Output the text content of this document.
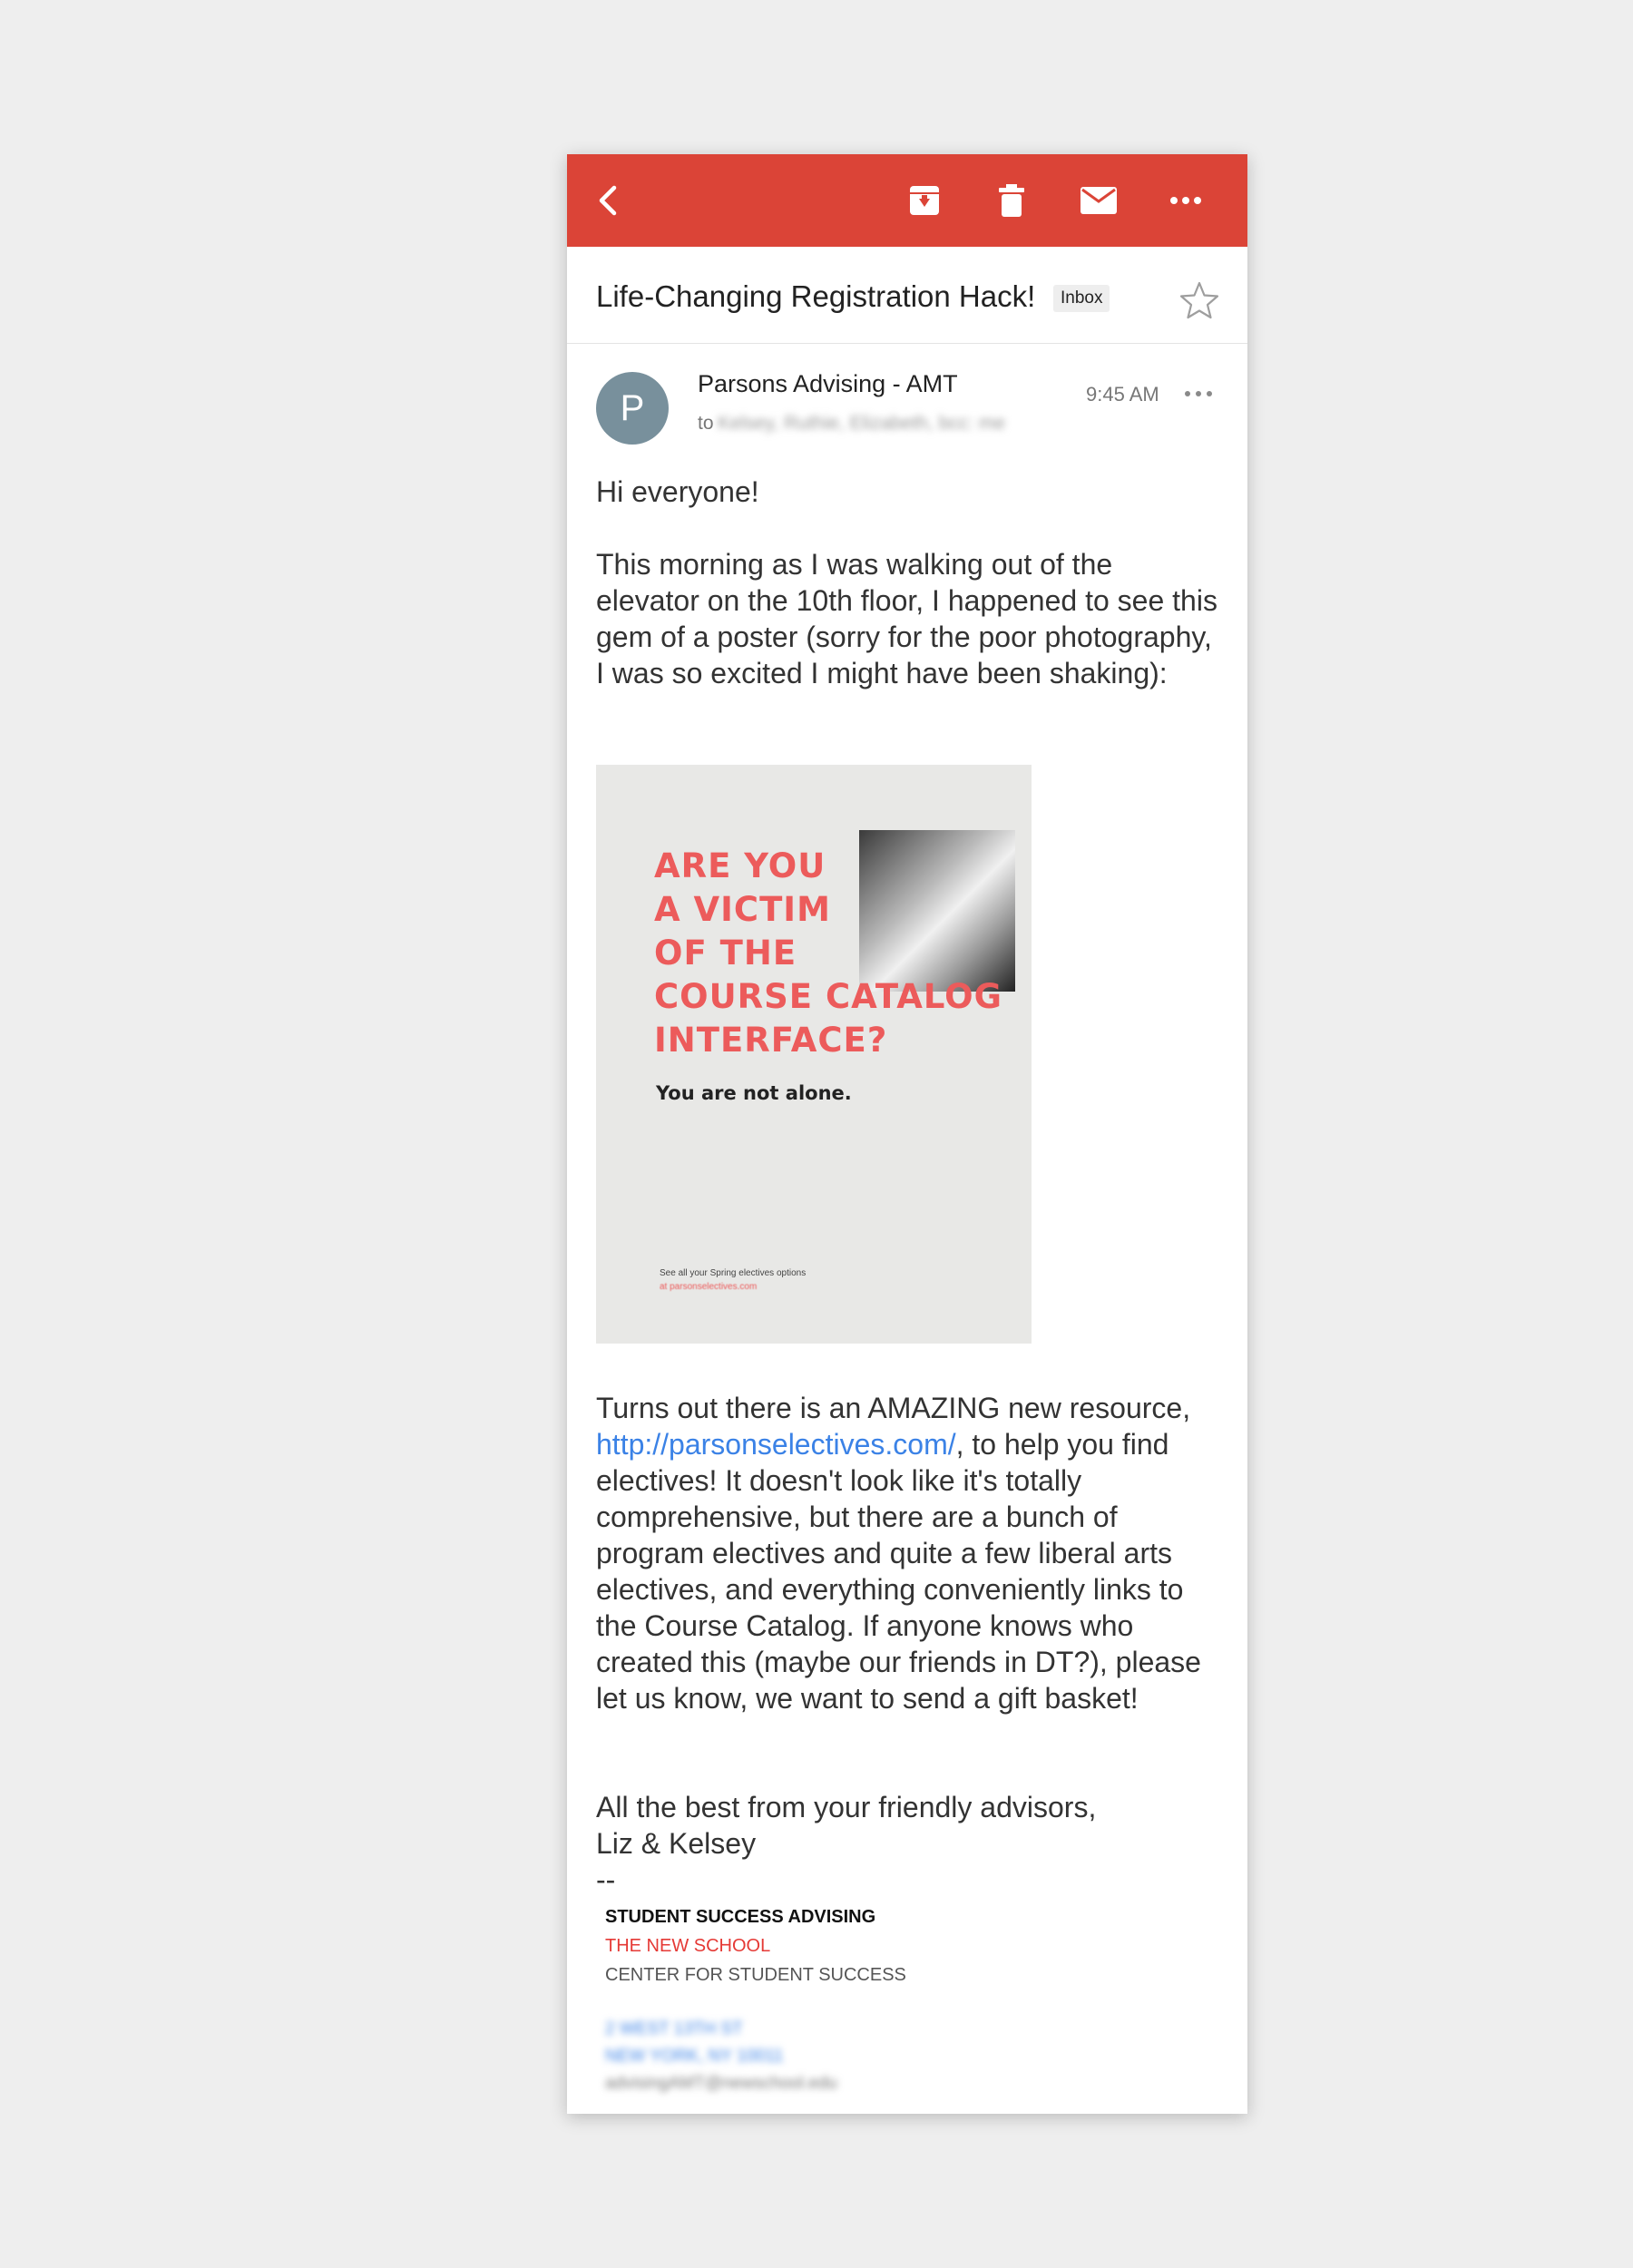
Life-Changing Registration Hack!	Inbox
P
Parsons Advising - AMT
to Kelsey, Ruthie, Elizabeth, bcc: me
9:45 AM
Hi everyone!
This morning as I was walking out of the elevator on the 10th floor, I happened to see this gem of a poster (sorry for the poor photography, I was so excited I might have been shaking):
ARE YOU
A VICTIM
OF THE
COURSE CATALOG
INTERFACE?
You are not alone.
See all your Spring electives options
at parsonselectives.com
Turns out there is an AMAZING new resource, http://parsonselectives.com/, to help you find electives! It doesn't look like it's totally comprehensive, but there are a bunch of program electives and quite a few liberal arts electives, and everything conveniently links to the Course Catalog. If anyone knows who created this (maybe our friends in DT?), please let us know, we want to send a gift basket!
All the best from your friendly advisors,
Liz & Kelsey
--
STUDENT SUCCESS ADVISING
THE NEW SCHOOL
CENTER FOR STUDENT SUCCESS
2 WEST 13TH ST
NEW YORK, NY 10011
advisingAMT@newschool.edu
